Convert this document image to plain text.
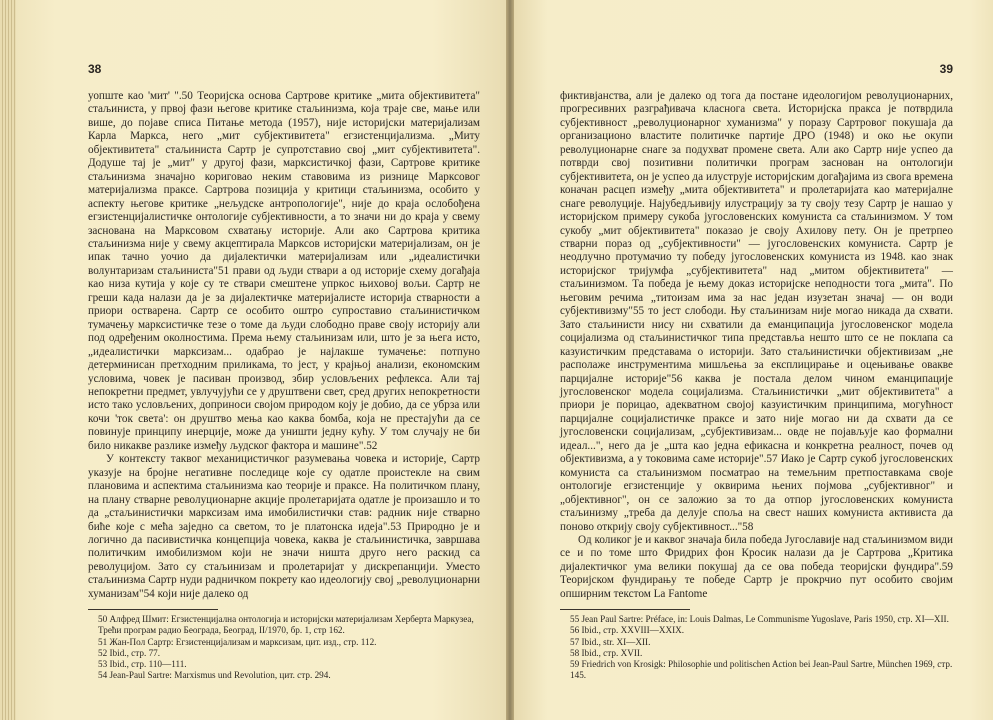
38

уопште као 'мит' ".50 Теоријска основа Сартрове критике „мита објективитета" стаљиниста, у првој фази његове критике стаљинизма, која траје све, мање или више, до појаве списа Питање метода (1957), није историјски материјализам Карла Маркса, него „мит субјективитета" егзистенцијализма. „Миту објективитета" стаљиниста Сартр је супротставио свој „мит субјективитета". Додуше тај је „мит" у другој фази, марксистичкој фази, Сартрове критике стаљинизма значајно кориговао неким ставовима из ризнице Марксовог материјализма праксе. Сартрова позиција у критици стаљинизма, особито у аспекту његове критике „нељудске антропологије", није до краја ослобођена егзистенцијалистичке онтологије субјективности, а то значи ни до краја у свему заснована на Марксовом схватању историје. Али ако Сартрова критика стаљинизма није у свему акцептирала Марксов историјски материјализам, он је ипак тачно уочио да дијалектички материјализам или „идеалистички волунтаризам стаљиниста"51 прави од људи ствари а од историје схему догађаја као низа кутија у које су те ствари смештене упркос њиховој вољи. Сартр не греши када налази да је за дијалектичке материјалисте историја стварности a приори остварена. Сартр се особито оштро супроставио стаљинистичком тумачењу марксистичке тезе о томе да људи слободно праве своју историју али под одређеним околностима. Према њему стаљинизам или, што је за њега исто, „идеалистички марксизам... одабрао је најлакше тумачење: потпуно детерминисан претходним приликама, то јест, у крајњој анализи, економским условима, човек је пасиван производ, збир условљених рефлекса. Али тај непокретни предмет, увлучујући се у друштвени свет, сред других непокретности исто тако условљених, доприноси својом природом коју је добио, да се убрза или кочи 'ток света': он друштво мења као каква бомба, која не престајући да се повинује принципу инерције, може да уништи једну кућу. У том случају не би било никакве разлике између људског фактора и машине".52

У контексту таквог механицистичког разумевања човека и историје, Сартр указује на бројне негативне последице које су одатле проистекле на свим плановима и аспектима стаљинизма као теорије и праксе. На политичком плану, на плану стварне револуционарне акције пролетаријата одатле је произашло и то да „стаљинистички марксизам има имобилистички став: радник није стварно биће које с мећа заједно са светом, то је платонска идеја".53 Природно је и логично да пасивистичка концепција човека, каква је стаљинистичка, завршава политичким имобилизмом који не значи ништа друго него раскид са револуцијом. Зато су стаљинизам и пролетаријат у дискрепанцији. Уместо стаљинизма Сартр нуди радничком покрету као идеологију свој „револуционарни хуманизам"54 који није далеко од

50 Алфред Шмит: Егзистенцијална онтологија и историјски материјализам Херберта Маркузеа, Трећи програм радио Београда, Београд, II/1970, бр. 1, стр 162.
51 Жан-Пол Сартр: Егзистенцијализам и марксизам, цит. изд., стр. 112.
52 Ibid., стр. 77.
53 Ibid., стр. 110—111.
54 Jean-Paul Sartre: Marxismus und Revolution, цит. стр. 294.
39

фиктивјанства, али је далеко од тога да постане идеологијом револуционарних, прогресивних разграђивача класнога света. Историјска пракса је потврдила субјективност „револуционарног хуманизма" у поразу Сартровог покушаја да организационо властите политичке партије ДРО (1948) и око ње окупи револуционарне снаге за подухват промене света. Али ако Сартр није успео да потврди свој позитивни политички програм заснован на онтологији субјективитета, он је успео да илуструје историјским догађајима из свога времена коначан расцеп између „мита објективитета" и пролетаријата као материјалне снаге револуције. Најубедљивију илустрацију за ту своју тезу Сартр је нашао у историјском примеру сукоба југословенских комуниста са стаљинизмом. У том сукобу „мит објективитета" показао је своју Ахилову пету. Он је претрпео стварни пораз од „субјективности" — југословенских комуниста. Сартр је неодлучно протумачио ту победу југословенских комуниста из 1948. као знак историјског тријумфа „субјективитета" над „митом објективитета" — стаљинизмом. Та победа је њему доказ историјске неподности тога „мита". По његовим речима „титоизам има за нас један изузетан значај — он води субјективизму"55 то јест слободи. Њу стаљинизам није могао никада да схвати. Зато стаљинисти нису ни схватили да еманципација југословенског модела социјализма од стаљинистичког типа представља нешто што се не поклапа са казуистичким представама о историји. Зато стаљинистички објективизам „не располаже инструментима мишљења за експлицирање и оцењивање овакве парцијалне историје"56 каква је постала делом чином еманципације југословенског модела социјализма. Стаљинистички „мит објективитета" a приори је порицао, адекватном својој казуистичким принципима, могућност парцијалне социјалистичке праксе и зато није могао ни да схвати да се југословенски социјализам, „субјективизам... овде не појављује као формални идеал...", него да је „шта као једна ефикасна и конкретна реалност, почев од објективизма, а у токовима саме историје".57 Иако је Сартр сукоб југословенских комуниста са стаљинизмом посматрао на темељним претпоставкама своје онтологије егзистенције у оквирима њених појмова „субјективног" и „објективног", он се заложио за то да отпор југословенских комуниста стаљинизму „треба да делује споља на свест наших комуниста активиста да поново открију своју субјективност..."58

Од коликог је и каквог значаја била победа Југославије над стаљинизмом види се и по томе што Фридрих фон Кросик налази да је Сартрова „Критика дијалектичког ума велики покушај да се ова победа теоријски фундира".59 Теоријском фундирању те победе Сартр је прокрчио пут особито својим опширним текстом La Fantome

55 Jean Paul Sartre: Préface, in: Louis Dalmas, Le Communisme Yugoslave, Paris 1950, стр. XI—XII.
56 Ibid., стр. XXVIII—XXIX.
57 Ibid., str. XI—XII.
58 Ibid., стр. XVII.
59 Friedrich von Krosigk: Philosophie und politischen Action bei Jean-Paul Sartre, München 1969, стр. 145.
